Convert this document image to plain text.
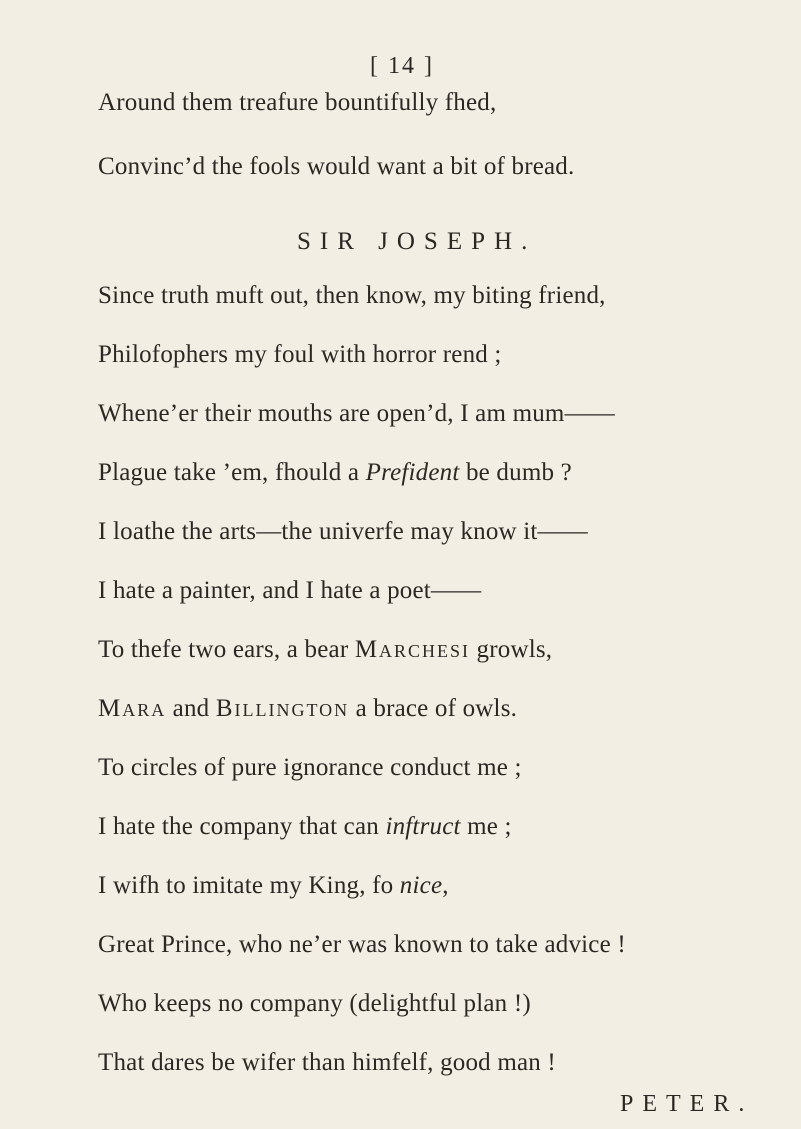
[ 14 ]
Around them treafure bountifully fhed,
Convinc’d the fools would want a bit of bread.
SIR JOSEPH.
Since truth muft out, then know, my biting friend,
Philofophers my foul with horror rend ;
Whene’er their mouths are open’d, I am mum——
Plague take ’em, fhould a Prefident be dumb ?
I loathe the arts—the univerfe may know it——
I hate a painter, and I hate a poet——
To thefe two ears, a bear Marchesi growls,
Mara and Billington a brace of owls.
To circles of pure ignorance conduct me ;
I hate the company that can inftruct me ;
I wifh to imitate my King, fo nice,
Great Prince, who ne’er was known to take advice !
Who keeps no company (delightful plan !)
That dares be wifer than himfelf, good man !
PETER.
